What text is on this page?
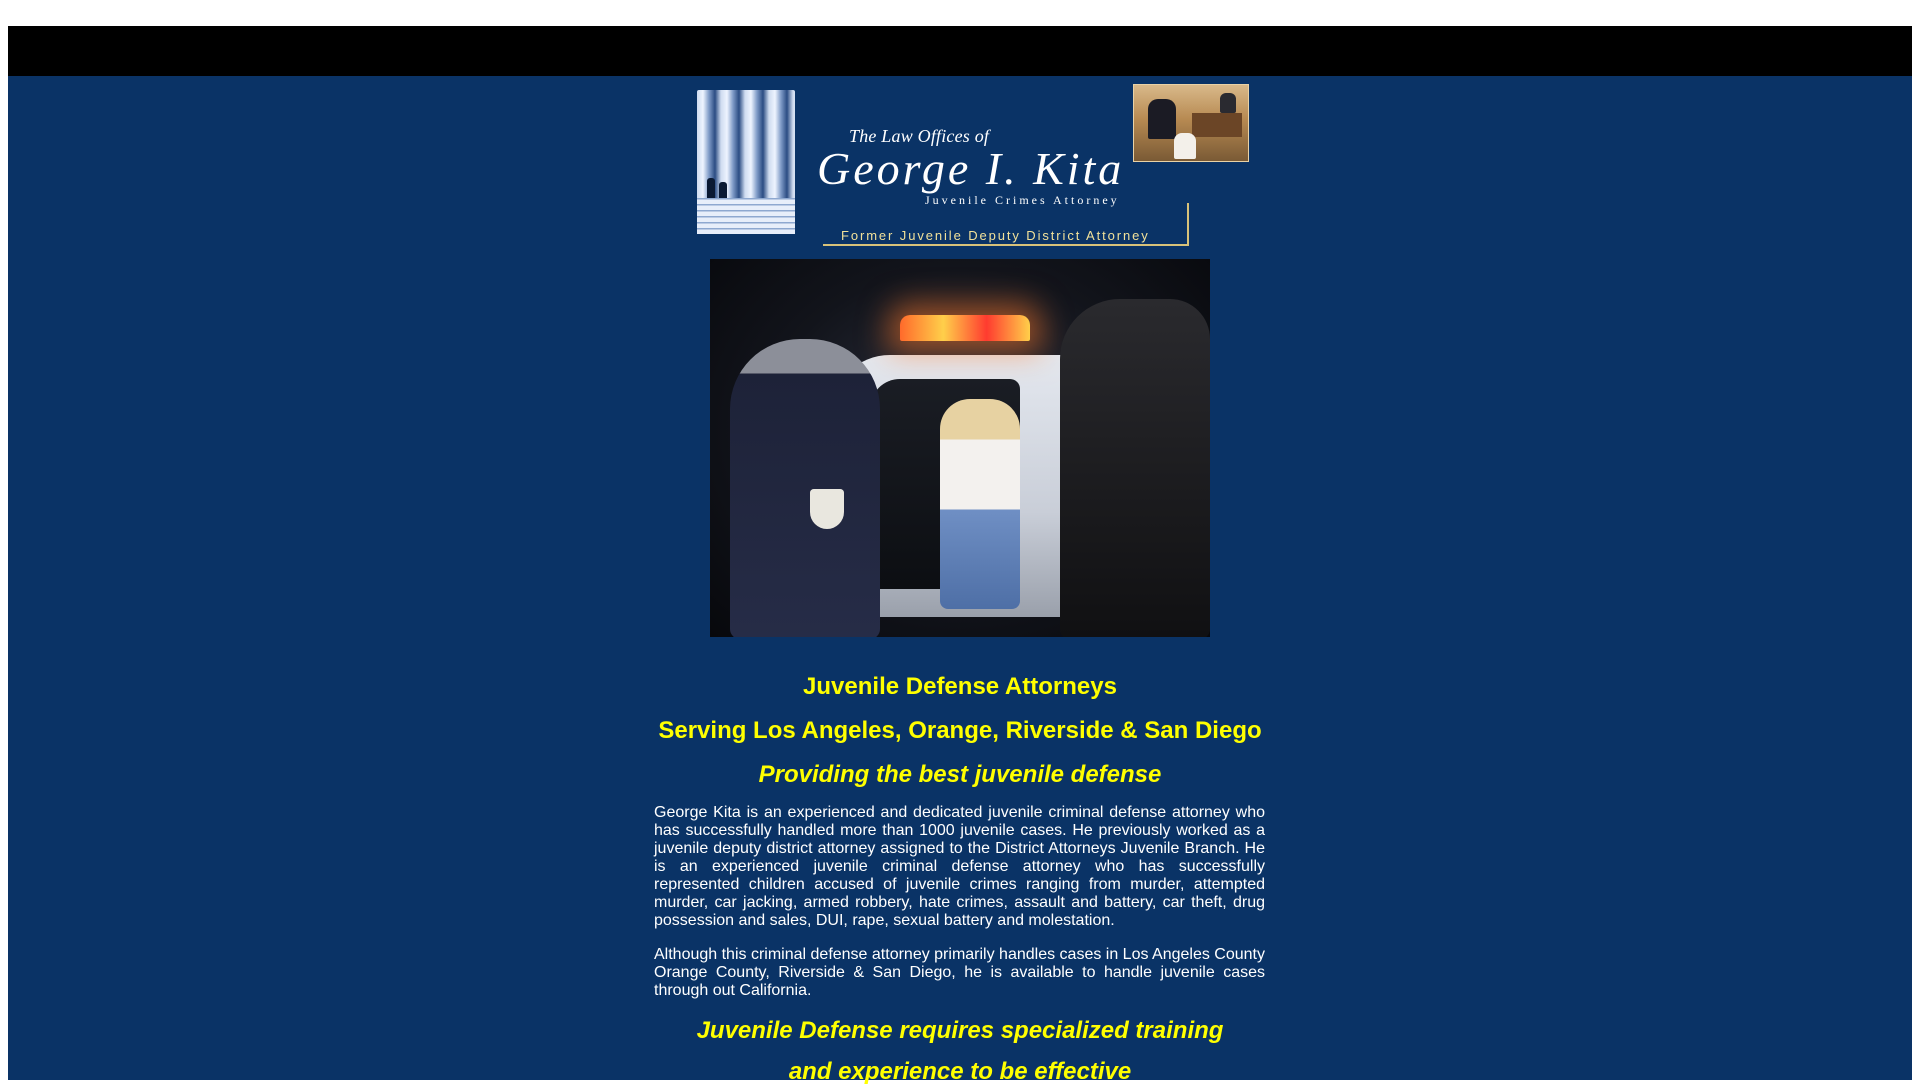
The Law Offices of
George I. Kita
Juvenile Crimes Attorney
Former Juvenile Deputy District Attorney
Juvenile Defense Attorneys
Serving Los Angeles, Orange, Riverside & San Diego
Providing the best juvenile defense

George Kita is an experienced and dedicated juvenile criminal defense attorney who has successfully handled more than 1000 juvenile cases. He previously worked as a juvenile deputy district attorney assigned to the District Attorneys Juvenile Branch. He is an experienced juvenile criminal defense attorney who has successfully represented children accused of juvenile crimes ranging from murder, attempted murder, car jacking, armed robbery, hate crimes, assault and battery, car theft, drug possession and sales, DUI, rape, sexual battery and molestation.

Although this criminal defense attorney primarily handles cases in Los Angeles County Orange County, Riverside & San Diego, he is available to handle juvenile cases through out California.

Juvenile Defense requires specialized training
and experience to be effective
